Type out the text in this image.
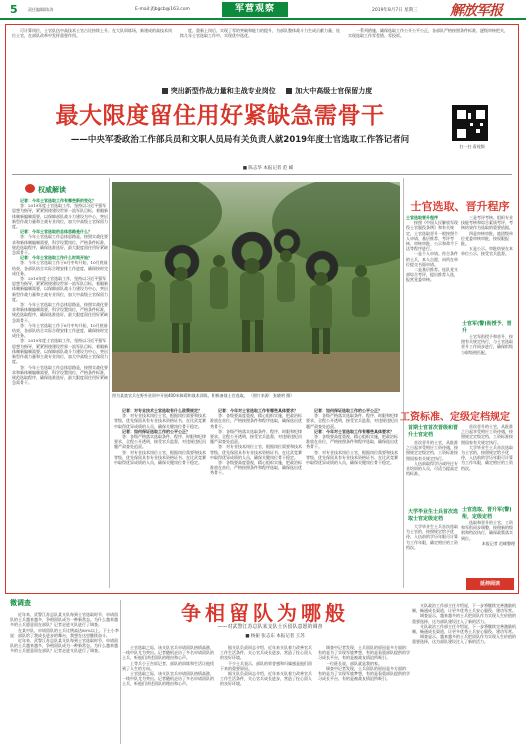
5	责任编辑/陈涛	E-mail:jfjbgcb@163.com	军营观察	2019年8月7日 星期三 解放军报

可计算岗位，士官队伍中高技术士官占比持续上升。在大队训练场，新建成的高技术岗位士官，在部队改革中发挥重要作用。

度，重新上岗后，实现了零的突破和能力的提升，为部队整体战斗力生成贡献力量，连续几年士官选取工作中，实现优中选优。

一系列措施，确保选取工作公开公平公正，各部队严格按照条件标准，逐级审核把关，实现选取工作零差错、零投诉。

突出新型作战力量和主战专业岗位	加大中高级士官保留力度
最大限度留住用好紧缺急需骨干
扫一扫 看视频
——中央军委政治工作部兵员和文职人员局有关负责人就2019年度士官选取工作答记者问
■ 陈志华 本报记者 范 嵘
权威解读

记者：今年士官选取工作有哪些新的变化？

答：2019年度士官选取工作，坚持以习近平强军思想为指导，紧紧围绕建设世界一流军队目标，着眼新体制新编制需要，以保障部队战斗力建设为中心，突出新型作战力量和主战专业岗位，加大中高级士官保留力度。

记者：今年士官选取的总体思路是什么？

答：今年士官选取工作总体思路是，按照实战化要求和新体制编制需要，科学设置岗位，严格条件标准，规范选取程序，确保选准选好，最大限度留住用好紧缺急需骨干。

记者：今年士官选取工作什么时间开始？

答：今年士官选取工作于8月中旬开始，10月底前结束，各部队结合实际合理安排工作进度，确保按时完成任务。

答：2019年度士官选取工作，坚持以习近平强军思想为指导，紧紧围绕建设世界一流军队目标，着眼新体制新编制需要，以保障部队战斗力建设为中心，突出新型作战力量和主战专业岗位，加大中高级士官保留力度。

答：今年士官选取工作总体思路是，按照实战化要求和新体制编制需要，科学设置岗位，严格条件标准，规范选取程序，确保选准选好，最大限度留住用好紧缺急需骨干。

答：今年士官选取工作于8月中旬开始，10月底前结束，各部队结合实际合理安排工作进度，确保按时完成任务。

答：2019年度士官选取工作，坚持以习近平强军思想为指导，紧紧围绕建设世界一流军队目标，着眼新体制新编制需要，以保障部队战斗力建设为中心，突出新型作战力量和主战专业岗位，加大中高级士官保留力度。

答：今年士官选取工作总体思路是，按照实战化要求和新体制编制需要，科学设置岗位，严格条件标准，规范选取程序，确保选准选好，最大限度留住用好紧缺急需骨干。

图为某旅官兵在野外驻训中开展400米障碍和战术训练，积极备战士官选取。 （照片来源：张晓明 摄）

记者：对专业技术士官选取有什么政策规定？

答：对专业技术岗位士官，根据岗位需要和技术等级，优先保留具有专业技术资格证书、在比武竞赛中取得优异成绩的人员，确保关键岗位骨干稳定。

记者：如何保证选取工作的公平公正？

答：各级严格落实选取条件、程序、时限和纪律要求，全程公开透明，接受官兵监督，对违规违纪问题严肃查处追责。

答：对专业技术岗位士官，根据岗位需要和技术等级，优先保留具有专业技术资格证书、在比武竞赛中取得优异成绩的人员，确保关键岗位骨干稳定。

记者：今年对士官选取工作有哪些具体要求？

答：各级要高度重视，精心组织实施，把政治标准放在首位，严格按照条件和程序选取，确保选出优秀骨干。

答：各级严格落实选取条件、程序、时限和纪律要求，全程公开透明，接受官兵监督，对违规违纪问题严肃查处追责。

答：对专业技术岗位士官，根据岗位需要和技术等级，优先保留具有专业技术资格证书、在比武竞赛中取得优异成绩的人员，确保关键岗位骨干稳定。

答：各级要高度重视，精心组织实施，把政治标准放在首位，严格按照条件和程序选取，确保选出优秀骨干。

记者：如何保证选取工作的公平公正？

答：各级严格落实选取条件、程序、时限和纪律要求，全程公开透明，接受官兵监督，对违规违纪问题严肃查处追责。

记者：今年对士官选取工作有哪些具体要求？

答：各级要高度重视，精心组织实施，把政治标准放在首位，严格按照条件和程序选取，确保选出优秀骨干。

答：对专业技术岗位士官，根据岗位需要和技术等级，优先保留具有专业技术资格证书、在比武竞赛中取得优异成绩的人员，确保关键岗位骨干稳定。

士官选取、晋升程序

士官选取晋升程序

按照《中国人民解放军现役士官服役条例》和有关规定，士官选取晋升一般按照个人申请、基层推荐、考评考核、审核审批、公示和命令下达等程序进行。

一是个人申请。符合条件的士兵，本人自愿，向所在单位提交书面申请。

二是基层推荐。连队党支部综合考评，提出推荐人选，报营党委审核。

三是考评考核。组织专业技能考核和综合素质考评，考核结果作为选取的重要依据。

四是审核审批。旅团级单位党委审核审批，按权限报批。

五是公示。审批结果在本单位公示，接受官兵监督。

士官军(警)衔授予、晋升

士官军衔授予和晋升，按照有关规定执行，与士官选取晋升工作同步进行，确保衔级与职级相匹配。

工资标准、定级定档规定
首期士官首次晋级和晋升士官定档

首次晋升的士官，从批准之日起享受相应工资待遇，按照规定定级定档，工资标准按照国家有关规定执行。

入伍前取得学历或经过专业培训的人员，可适当提高定档标准。

大学毕业生士兵首次选取士官定级定档

大学毕业生士兵首次选取为士官的，按照规定给予优待，入伍前的学历年限可计算为工作年限，确定相应的工资档次。

首次晋升的士官，从批准之日起享受相应工资待遇，按照规定定级定档，工资标准按照国家有关规定执行。

大学毕业生士兵首次选取为士官的，按照规定给予优待，入伍前的学历年限可计算为工作年限，确定相应的工资档次。

士官选取、晋升军(警)衔，定级定档

选取和晋升的士官，工资和军衔同步调整，按照新的级别和档次执行，确保政策落实到位。

本报记者 范嵘整理

延伸阅读
微调查	争相留队为哪般
——对武警江苏总队某支队士兵留队意愿的调查
■ 杨振 张志东 本报记者 王苏

近年来，武警江苏总队某支队每到士官选取时节，申请留队的士兵越来越多，争相留队成为一种新常态。为什么越来越多的士兵愿意留在部队？记者走进支队进行了调查。

在某中队，申请留队的士兵比例高达80%以上。下士小李说：部队给了我成长进步的舞台，我想在这里继续奋斗。

近年来，武警江苏总队某支队每到士官选取时节，申请留队的士兵越来越多，争相留队成为一种新常态。为什么越来越多的士兵愿意留在部队？记者走进支队进行了调查。

士官选取之际，该支队官兵申请留队热情高涨，一线中队尤为突出。记者随机走访了多名申请留队的士兵，听他们讲述留队的理由和心声。

上等兵小王告诉记者，部队的训练和生活让他找到了人生的方向。

士官选取之际，该支队官兵申请留队热情高涨，一线中队尤为突出。记者随机走访了多名申请留队的士兵，听他们讲述留队的理由和心声。

据支队负责同志介绍，近年来支队着力改善官兵工作生活条件，关心官兵成长进步，营造了拴心留人的良好环境。

不少士兵表示，部队的荣誉感和归属感是他们留下来的重要原因。

据支队负责同志介绍，近年来支队着力改善官兵工作生活条件，关心官兵成长进步，营造了拴心留人的良好环境。

调查中记者发现，士兵留队的原因是多方面的：有的是为了实现军旅梦想，有的是看重部队提供的学习成长平台，有的是被战友情谊所吸引。

一位班长说，部队就是我的家。

调查中记者发现，士兵留队的原因是多方面的：有的是为了实现军旅梦想，有的是看重部队提供的学习成长平台，有的是被战友情谊所吸引。

支队政治工作部主任介绍说，下一步将继续完善激励机制，畅通成长渠道，让更多优秀士兵安心服役、建功军营。

调查显示，越来越多的士兵把留队作为实现人生价值的重要选择，这为部队建设注入了新的活力。

支队政治工作部主任介绍说，下一步将继续完善激励机制，畅通成长渠道，让更多优秀士兵安心服役、建功军营。

调查显示，越来越多的士兵把留队作为实现人生价值的重要选择，这为部队建设注入了新的活力。
